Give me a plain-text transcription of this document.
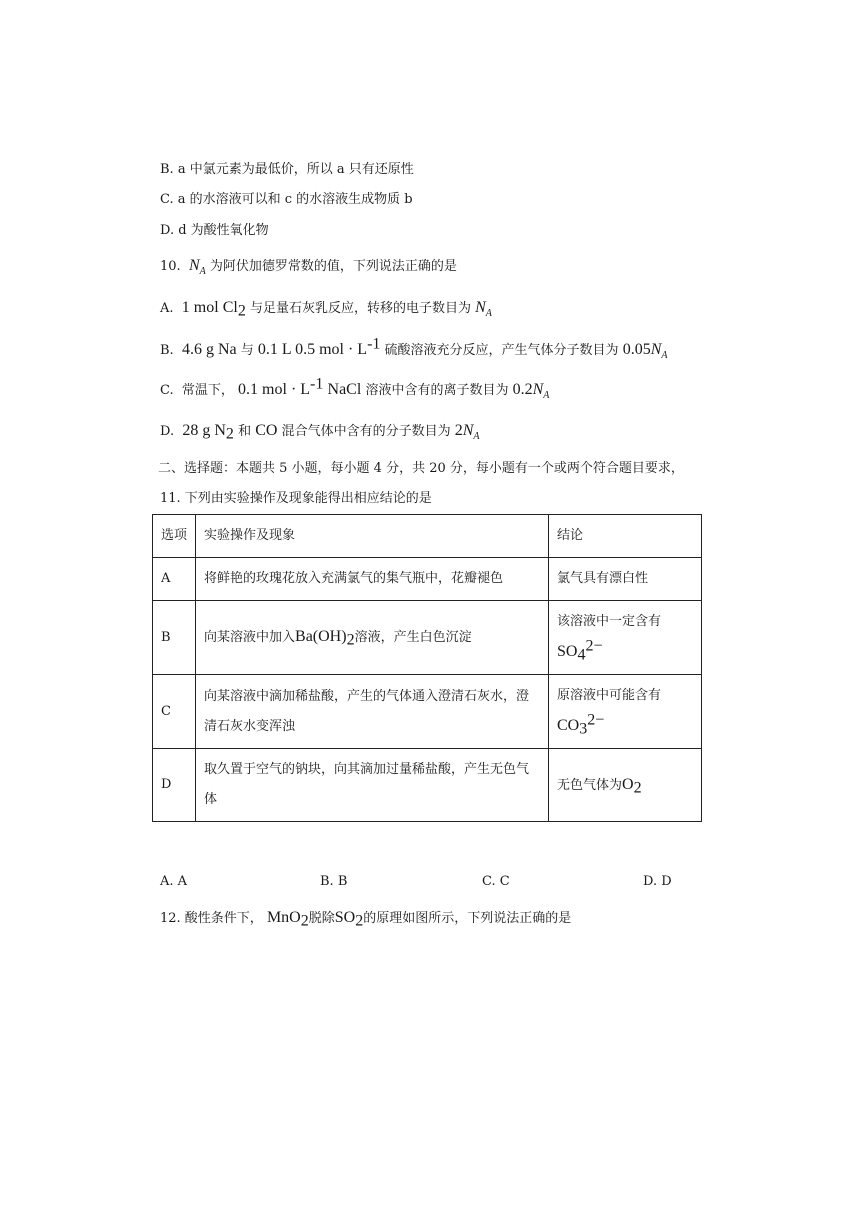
B. a 中氯元素为最低价，所以 a 只有还原性
C. a 的水溶液可以和 c 的水溶液生成物质 b
D. d 为酸性氧化物
10. $N_A$ 为阿伏加德罗常数的值，下列说法正确的是
A. 1 mol $Cl_2$ 与足量石灰乳反应，转移的电子数目为 $N_A$
B. 4.6 g Na 与 0.1 L 0.5 mol · $L^{-1}$ 硫酸溶液充分反应，产生气体分子数目为 $0.05N_A$
C. 常温下， 0.1 mol · $L^{-1}$ NaCl 溶液中含有的离子数目为 $0.2N_A$
D. 28 g $N_2$ 和 CO 混合气体中含有的分子数目为 $2N_A$
二、选择题：本题共 5 小题，每小题 4 分，共 20 分，每小题有一个或两个符合题目要求，
11. 下列由实验操作及现象能得出相应结论的是
选项	实验操作及现象	结论
A	将鲜艳的玫瑰花放入充满氯气的集气瓶中，花瓣褪色	氯气具有漂白性
B	向某溶液中加入$Ba(OH)_2$溶液，产生白色沉淀	该溶液中一定含有
$SO_4^{2-}$
C	向某溶液中滴加稀盐酸，产生的气体通入澄清石灰水，澄清石灰水变浑浊	原溶液中可能含有
$CO_3^{2-}$
D	取久置于空气的钠块，向其滴加过量稀盐酸，产生无色气体	无色气体为$O_2$
A. A	B. B	C. C	D. D
12. 酸性条件下， MnO$_2$脱除$SO_2$的原理如图所示，下列说法正确的是
